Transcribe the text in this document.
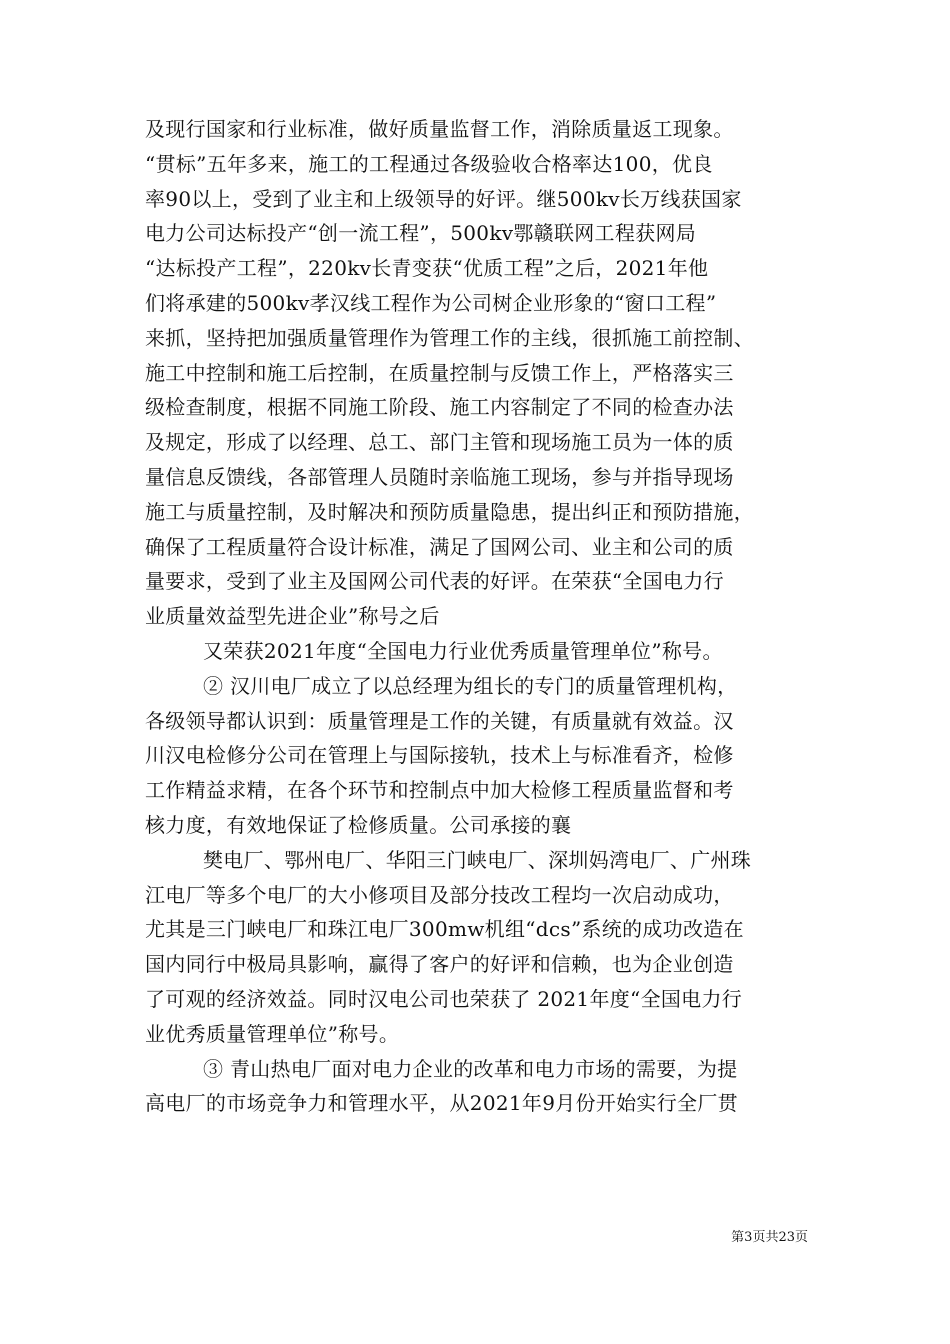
及现行国家和行业标准，做好质量监督工作，消除质量返工现象。
“贯标”五年多来，施工的工程通过各级验收合格率达100，优良
率90以上，受到了业主和上级领导的好评。继500kv长万线获国家
电力公司达标投产“创一流工程”，500kv鄂赣联网工程获网局
“达标投产工程”，220kv长青变获“优质工程”之后，2021年他
们将承建的500kv孝汉线工程作为公司树企业形象的“窗口工程”
来抓，坚持把加强质量管理作为管理工作的主线，很抓施工前控制、
施工中控制和施工后控制，在质量控制与反馈工作上，严格落实三
级检查制度，根据不同施工阶段、施工内容制定了不同的检查办法
及规定，形成了以经理、总工、部门主管和现场施工员为一体的质
量信息反馈线，各部管理人员随时亲临施工现场，参与并指导现场
施工与质量控制，及时解决和预防质量隐患，提出纠正和预防措施，
确保了工程质量符合设计标准，满足了国网公司、业主和公司的质
量要求，受到了业主及国网公司代表的好评。在荣获“全国电力行
业质量效益型先进企业”称号之后
又荣获2021年度“全国电力行业优秀质量管理单位”称号。
② 汉川电厂成立了以总经理为组长的专门的质量管理机构，
各级领导都认识到：质量管理是工作的关键，有质量就有效益。汉
川汉电检修分公司在管理上与国际接轨，技术上与标准看齐，检修
工作精益求精，在各个环节和控制点中加大检修工程质量监督和考
核力度，有效地保证了检修质量。公司承接的襄
樊电厂、鄂州电厂、华阳三门峡电厂、深圳妈湾电厂、广州珠
江电厂等多个电厂的大小修项目及部分技改工程均一次启动成功，
尤其是三门峡电厂和珠江电厂300mw机组“dcs”系统的成功改造在
国内同行中极局具影响，赢得了客户的好评和信赖，也为企业创造
了可观的经济效益。同时汉电公司也荣获了 2021年度“全国电力行
业优秀质量管理单位”称号。
③ 青山热电厂面对电力企业的改革和电力市场的需要，为提
高电厂的市场竞争力和管理水平，从2021年9月份开始实行全厂贯
第3页共23页
